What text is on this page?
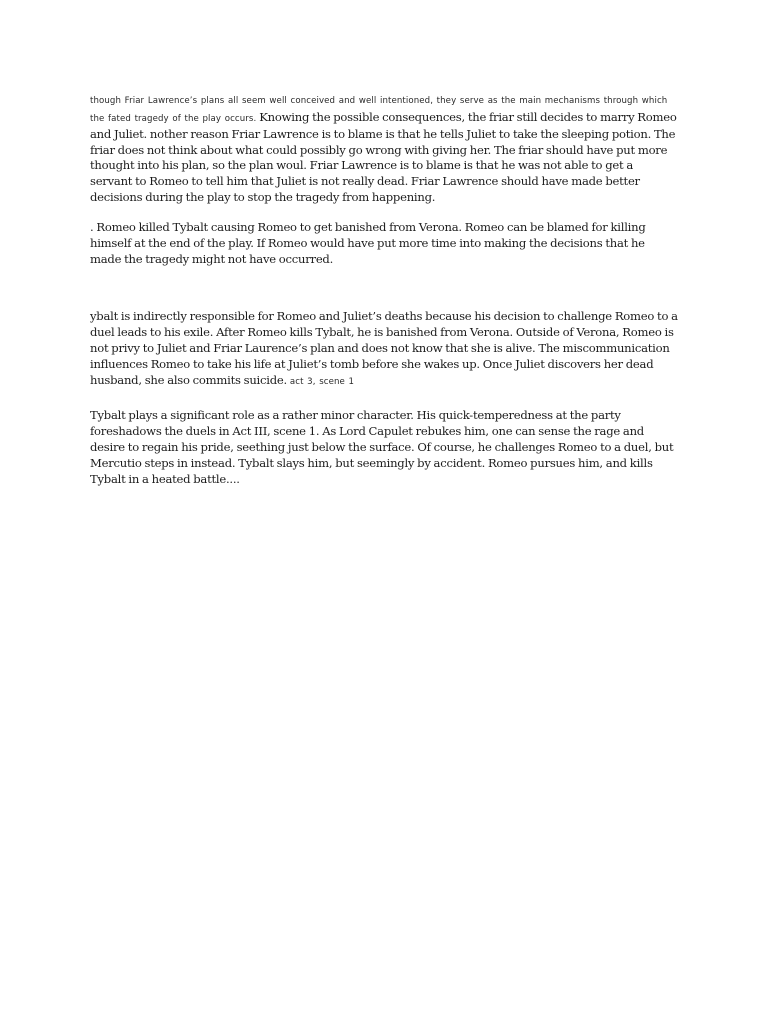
though Friar Lawrence’s plans all seem well conceived and well intentioned, they serve as the main mechanisms through which the fated tragedy of the play occurs. Knowing the possible consequences, the friar still decides to marry Romeo and Juliet. nother reason Friar Lawrence is to blame is that he tells Juliet to take the sleeping potion. The friar does not think about what could possibly go wrong with giving her. The friar should have put more thought into his plan, so the plan woul. Friar Lawrence is to blame is that he was not able to get a servant to Romeo to tell him that Juliet is not really dead. Friar Lawrence should have made better decisions during the play to stop the tragedy from happening.

. Romeo killed Tybalt causing Romeo to get banished from Verona. Romeo can be blamed for killing himself at the end of the play. If Romeo would have put more time into making the decisions that he made the tragedy might not have occurred.

ybalt is indirectly responsible for Romeo and Juliet’s deaths because his decision to challenge Romeo to a duel leads to his exile. After Romeo kills Tybalt, he is banished from Verona. Outside of Verona, Romeo is not privy to Juliet and Friar Laurence’s plan and does not know that she is alive. The miscommunication influences Romeo to take his life at Juliet’s tomb before she wakes up. Once Juliet discovers her dead husband, she also commits suicide. act 3, scene 1

Tybalt plays a significant role as a rather minor character. His quick-temperedness at the party foreshadows the duels in Act III, scene 1. As Lord Capulet rebukes him, one can sense the rage and desire to regain his pride, seething just below the surface. Of course, he challenges Romeo to a duel, but Mercutio steps in instead. Tybalt slays him, but seemingly by accident. Romeo pursues him, and kills Tybalt in a heated battle....
